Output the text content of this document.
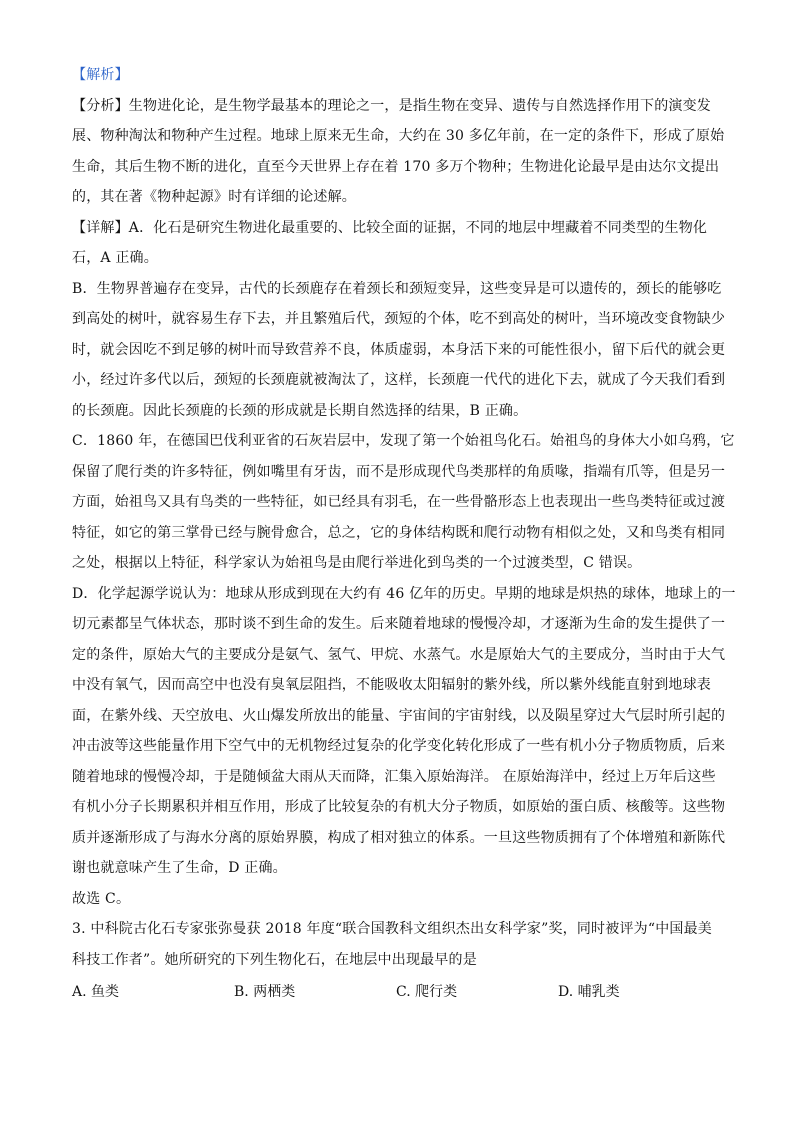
【解析】

【分析】生物进化论，是生物学最基本的理论之一，是指生物在变异、遗传与自然选择作用下的演变发

展、物种淘汰和物种产生过程。地球上原来无生命，大约在 30 多亿年前，在一定的条件下，形成了原始

生命，其后生物不断的进化，直至今天世界上存在着 170 多万个物种；生物进化论最早是由达尔文提出

的，其在著《物种起源》时有详细的论述解。

【详解】A．化石是研究生物进化最重要的、比较全面的证据，不同的地层中埋藏着不同类型的生物化

石，A 正确。

B．生物界普遍存在变异，古代的长颈鹿存在着颈长和颈短变异，这些变异是可以遗传的，颈长的能够吃

到高处的树叶，就容易生存下去，并且繁殖后代，颈短的个体，吃不到高处的树叶，当环境改变食物缺少

时，就会因吃不到足够的树叶而导致营养不良，体质虚弱，本身活下来的可能性很小，留下后代的就会更

小，经过许多代以后，颈短的长颈鹿就被淘汰了，这样，长颈鹿一代代的进化下去，就成了今天我们看到

的长颈鹿。因此长颈鹿的长颈的形成就是长期自然选择的结果，B 正确。

C．1860 年，在德国巴伐利亚省的石灰岩层中，发现了第一个始祖鸟化石。始祖鸟的身体大小如乌鸦，它

保留了爬行类的许多特征，例如嘴里有牙齿，而不是形成现代鸟类那样的角质喙，指端有爪等，但是另一

方面，始祖鸟又具有鸟类的一些特征，如已经具有羽毛，在一些骨骼形态上也表现出一些鸟类特征或过渡

特征，如它的第三掌骨已经与腕骨愈合，总之，它的身体结构既和爬行动物有相似之处，又和鸟类有相同

之处，根据以上特征，科学家认为始祖鸟是由爬行举进化到鸟类的一个过渡类型，C 错误。

D．化学起源学说认为：地球从形成到现在大约有 46 亿年的历史。早期的地球是炽热的球体，地球上的一

切元素都呈气体状态，那时谈不到生命的发生。后来随着地球的慢慢冷却，才逐渐为生命的发生提供了一

定的条件，原始大气的主要成分是氨气、氢气、甲烷、水蒸气。水是原始大气的主要成分，当时由于大气

中没有氧气，因而高空中也没有臭氧层阻挡，不能吸收太阳辐射的紫外线，所以紫外线能直射到地球表

面，在紫外线、天空放电、火山爆发所放出的能量、宇宙间的宇宙射线，以及陨星穿过大气层时所引起的

冲击波等这些能量作用下空气中的无机物经过复杂的化学变化转化形成了一些有机小分子物质物质，后来

随着地球的慢慢冷却，于是随倾盆大雨从天而降，汇集入原始海洋。 在原始海洋中，经过上万年后这些

有机小分子长期累积并相互作用，形成了比较复杂的有机大分子物质，如原始的蛋白质、核酸等。这些物

质并逐渐形成了与海水分离的原始界膜，构成了相对独立的体系。一旦这些物质拥有了个体增殖和新陈代

谢也就意味产生了生命，D 正确。

故选 C。

3. 中科院古化石专家张弥曼获 2018 年度“联合国教科文组织杰出女科学家”奖，同时被评为“中国最美

科技工作者”。她所研究的下列生物化石，在地层中出现最早的是

A. 鱼类	B. 两栖类	C. 爬行类	D. 哺乳类
